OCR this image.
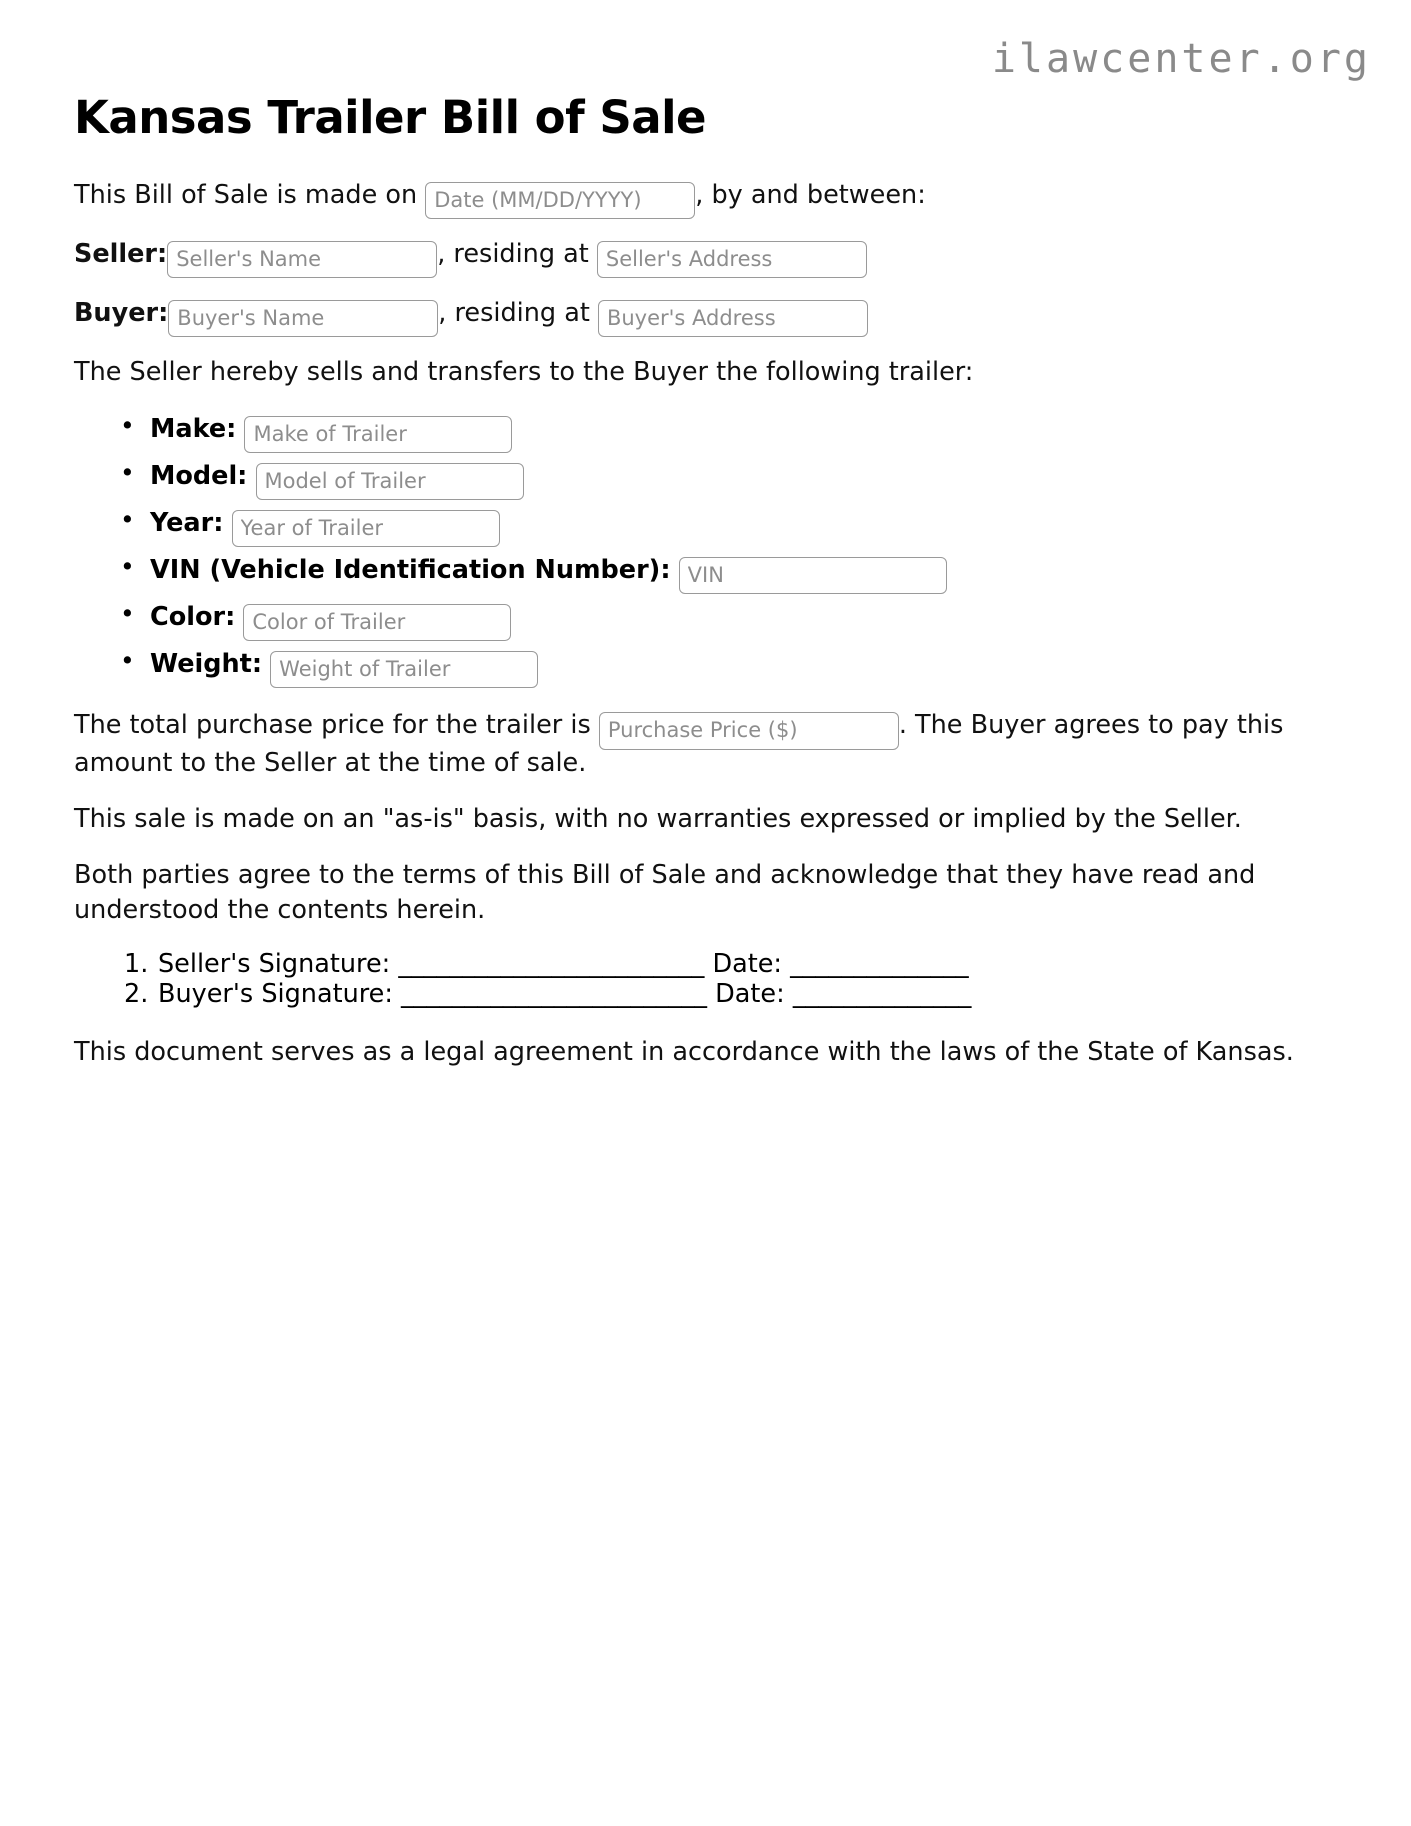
ilawcenter.org
Kansas Trailer Bill of Sale

This Bill of Sale is made on Date (MM/DD/YYYY)	, by and between:

Seller:Seller's Name	, residing at Seller's Address

Buyer:Buyer's Name	, residing at Buyer's Address

The Seller hereby sells and transfers to the Buyer the following trailer:

• Make: Make of Trailer
• Model: Model of Trailer
• Year: Year of Trailer
• VIN (Vehicle Identification Number): VIN
• Color: Color of Trailer
• Weight: Weight of Trailer

The total purchase price for the trailer is Purchase Price ($)	. The Buyer agrees to pay this amount to the Seller at the time of sale.

This sale is made on an "as-is" basis, with no warranties expressed or implied by the Seller.

Both parties agree to the terms of this Bill of Sale and acknowledge that they have read and understood the contents herein.

Seller's Signature: ________________________ Date: ______________
Buyer's Signature: ________________________ Date: ______________

This document serves as a legal agreement in accordance with the laws of the State of Kansas.
